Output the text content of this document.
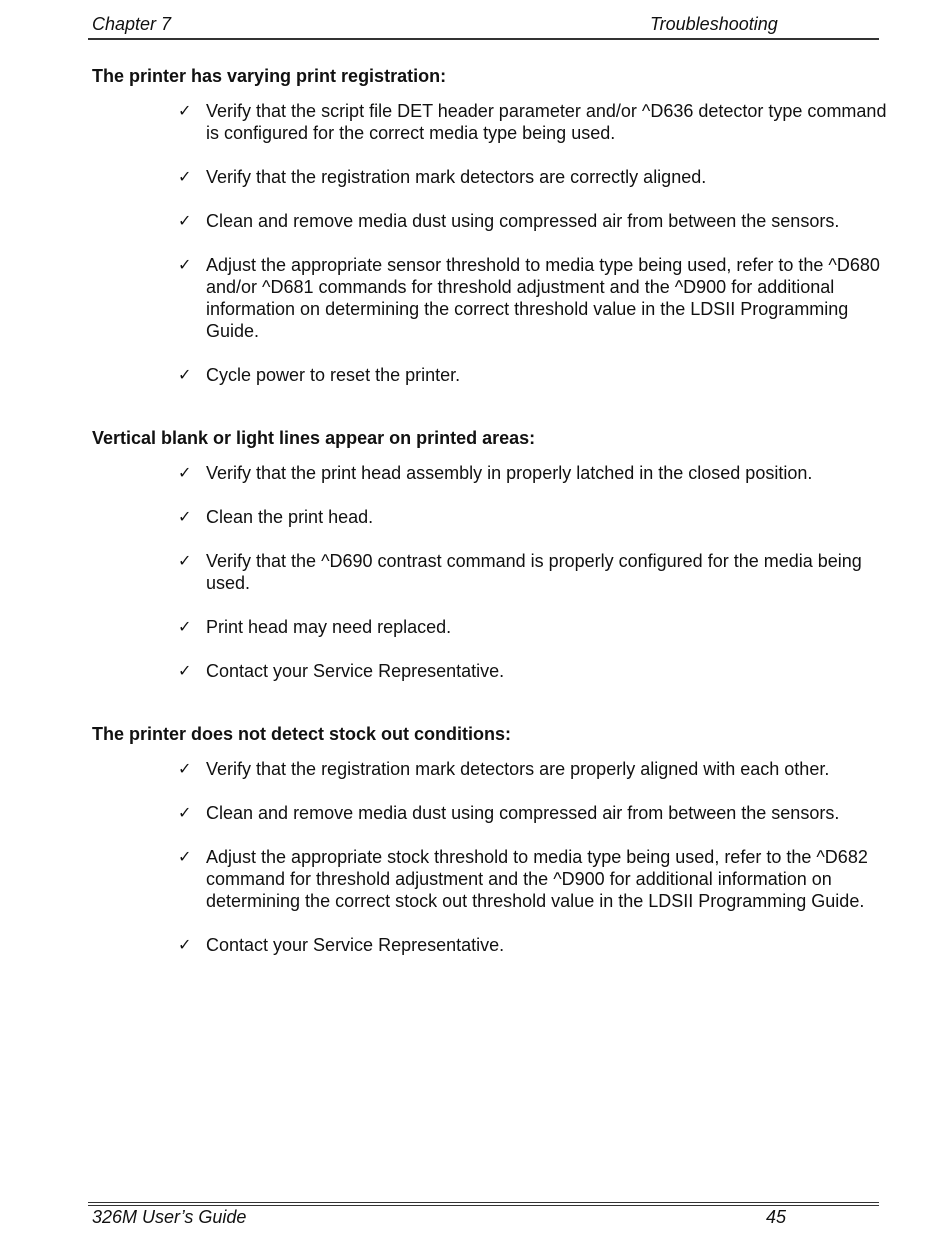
Chapter 7	Troubleshooting
The printer has varying print registration:
✓ Verify that the script file DET header parameter and/or ^D636 detector type command is configured for the correct media type being used.
✓ Verify that the registration mark detectors are correctly aligned.
✓ Clean and remove media dust using compressed air from between the sensors.
✓ Adjust the appropriate sensor threshold to media type being used, refer to the ^D680 and/or ^D681 commands for threshold adjustment and the ^D900 for additional information on determining the correct threshold value in the LDSII Programming Guide.
✓ Cycle power to reset the printer.
Vertical blank or light lines appear on printed areas:
✓ Verify that the print head assembly in properly latched in the closed position.
✓ Clean the print head.
✓ Verify that the ^D690 contrast command is properly configured for the media being used.
✓ Print head may need replaced.
✓ Contact your Service Representative.
The printer does not detect stock out conditions:
✓ Verify that the registration mark detectors are properly aligned with each other.
✓ Clean and remove media dust using compressed air from between the sensors.
✓ Adjust the appropriate stock threshold to media type being used, refer to the ^D682 command for threshold adjustment and the ^D900 for additional information on determining the correct stock out threshold value in the LDSII Programming Guide.
✓ Contact your Service Representative.
326M User’s Guide	45
